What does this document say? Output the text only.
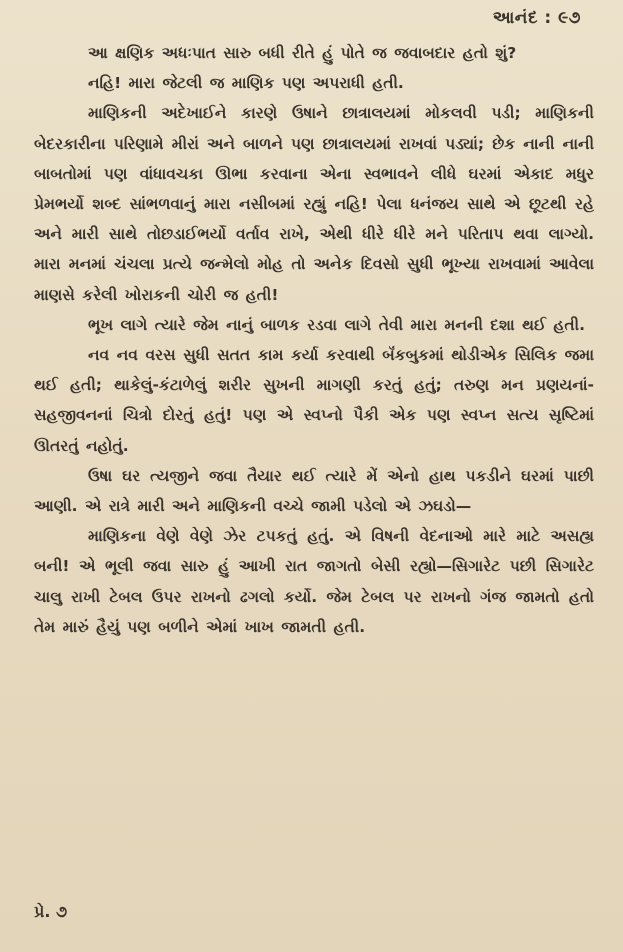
આનંદ : ૯૭

આ ક્ષણિક અધઃપાત સારુ બધી રીતે હું પોતે જ જવાબદાર હતો શું?

નહિ! મારા જેટલી જ માણિક પણ અપરાધી હતી.

માણિકની અદેખાઈને કારણે ઉષાને છાત્રાલયમાં મોકલવી પડી; માણિકની બેદરકારીના પરિણામે મીરાં અને બાળને પણ છાત્રાલયમાં રાખવાં પડ્યાં; છેક નાની નાની બાબતોમાં પણ વાંધાવચકા ઊભા કરવાના એના સ્વભાવને લીધે ઘરમાં એકાદ મધુર પ્રેમભર્યો શબ્દ સાંભળવાનું મારા નસીબમાં રહ્યું નહિ! પેલા ધનંજય સાથે એ છૂટથી રહે અને મારી સાથે તોછડાઈભર્યો વર્તાવ રાખે, એથી ધીરે ધીરે મને પરિતાપ થવા લાગ્યો. મારા મનમાં ચંચલા પ્રત્યે જન્મેલો મોહ તો અનેક દિવસો સુધી ભૂખ્યા રાખવામાં આવેલા માણસે કરેલી ખોરાકની ચોરી જ હતી!

ભૂખ લાગે ત્યારે જેમ નાનું બાળક રડવા લાગે તેવી મારા મનની દશા થઈ હતી.

નવ નવ વરસ સુધી સતત કામ કર્યા કરવાથી બૅંકબુકમાં થોડીએક સિલિક જમા થઈ હતી; થાકેલું-કંટાળેલું શરીર સુખની માગણી કરતું હતું; તરુણ મન પ્રણયનાં-સહજીવનનાં ચિત્રો દોરતું હતું! પણ એ સ્વપ્નો પૈકી એક પણ સ્વપ્ન સત્ય સૃષ્ટિમાં ઊતરતું નહોતું.

ઉષા ઘર ત્યજીને જવા તૈયાર થઈ ત્યારે મેં એનો હાથ પકડીને ઘરમાં પાછી આણી. એ રાત્રે મારી અને માણિકની વચ્ચે જામી પડેલો એ ઝઘડો—

માણિકના વેણે વેણે ઝેર ટપકતું હતું. એ વિષની વેદનાઓ મારે માટે અસહ્ય બની! એ ભૂલી જવા સારુ હું આખી રાત જાગતો બેસી રહ્યો—સિગારેટ પછી સિગારેટ ચાલુ રાખી ટેબલ ઉપર રાખનો ઢગલો કર્યો. જેમ ટેબલ પર રાખનો ગંજ જામતો હતો તેમ મારું હૈયું પણ બળીને એમાં ખાખ જામતી હતી.

પ્રે. ૭
